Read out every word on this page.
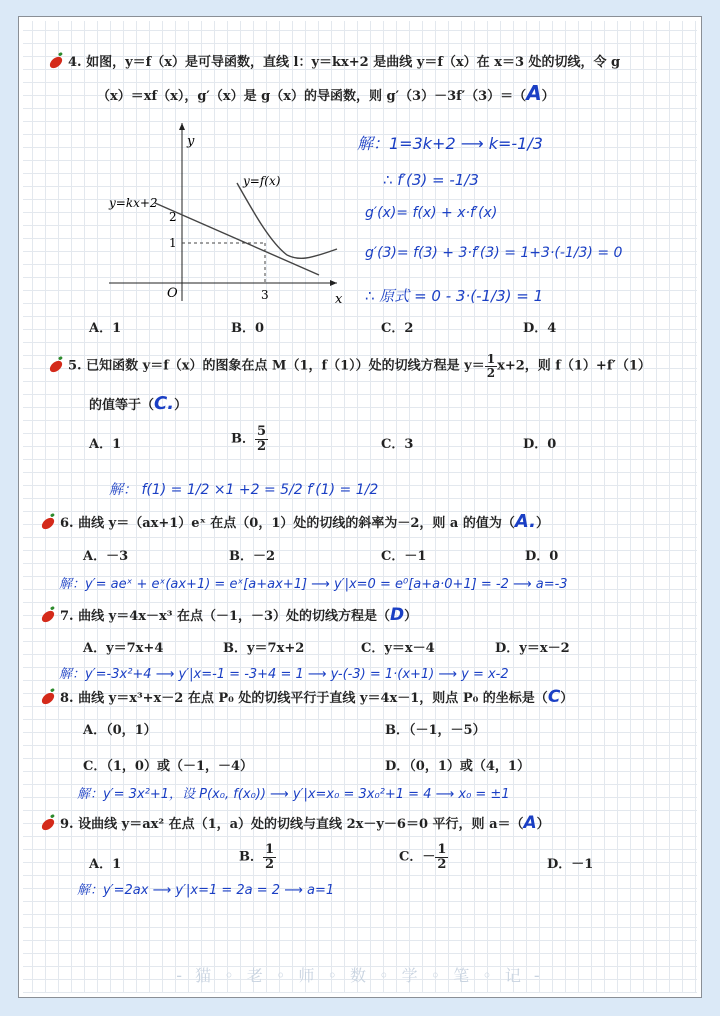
4. 如图，y＝f（x）是可导函数，直线 l：y＝kx+2 是曲线 y＝f（x）在 x＝3 处的切线，令 g
（x）＝xf（x），g′（x）是 g（x）的导函数，则 g′（3）－3f′（3）＝（A）
y
x
O
y=kx+2
y=f(x)
2
1
3
解：1=3k+2 ⟶ k=-1/3
∴ f′(3) = -1/3
g′(x)= f(x) + x·f′(x)
g′(3)= f(3) + 3·f′(3) = 1+3·(-1/3) = 0
∴ 原式 = 0 - 3·(-1/3) = 1
A．1	B．0	C．2	D．4
5. 已知函数 y＝f（x）的图象在点 M（1，f（1））处的切线方程是 $y= \frac{1}{2} x+2$，则 f（1）+f′（1）
的值等于（C.）
A．1	B． $\frac{5}{2}$	C．3	D．0
解： f(1) = 1/2 ×1 +2 = 5/2 f′(1) = 1/2
6. 曲线 y＝（ax+1）eˣ 在点（0，1）处的切线的斜率为－2，则 a 的值为（A.）
A．－3	B．－2	C．－1	D．0
解：y′= aeˣ + eˣ(ax+1) = eˣ[a+ax+1] ⟶ y′|x=0 = e⁰[a+a·0+1] = -2 ⟶ a=-3
7. 曲线 y＝4x－x³ 在点（－1，－3）处的切线方程是（D）
A．y＝7x+4	B．y＝7x+2	C．y＝x－4	D．y＝x－2
解：y′=-3x²+4 ⟶ y′|x=-1 = -3+4 = 1 ⟶ y-(-3) = 1·(x+1) ⟶ y = x-2
8. 曲线 y＝x³+x－2 在点 P₀ 处的切线平行于直线 y＝4x－1，则点 P₀ 的坐标是（C）
A．（0，1）	B．（－1，－5）
C．（1，0）或（－1，－4）	D．（0，1）或（4，1）
解：y′= 3x²+1，设 P(x₀, f(x₀)) ⟶ y′|x=x₀ = 3x₀²+1 = 4 ⟶ x₀ = ±1
9. 设曲线 y＝ax² 在点（1，a）处的切线与直线 2x－y－6＝0 平行，则 a＝（A）
A．1	B． $\frac{1}{2}$	C．－ $\frac{1}{2}$	D．－1
解：y′=2ax ⟶ y′|x=1 = 2a = 2 ⟶ a=1
- 猫 ◦ 老 ◦ 师 ◦ 数 ◦ 学 ◦ 笔 ◦ 记 -
